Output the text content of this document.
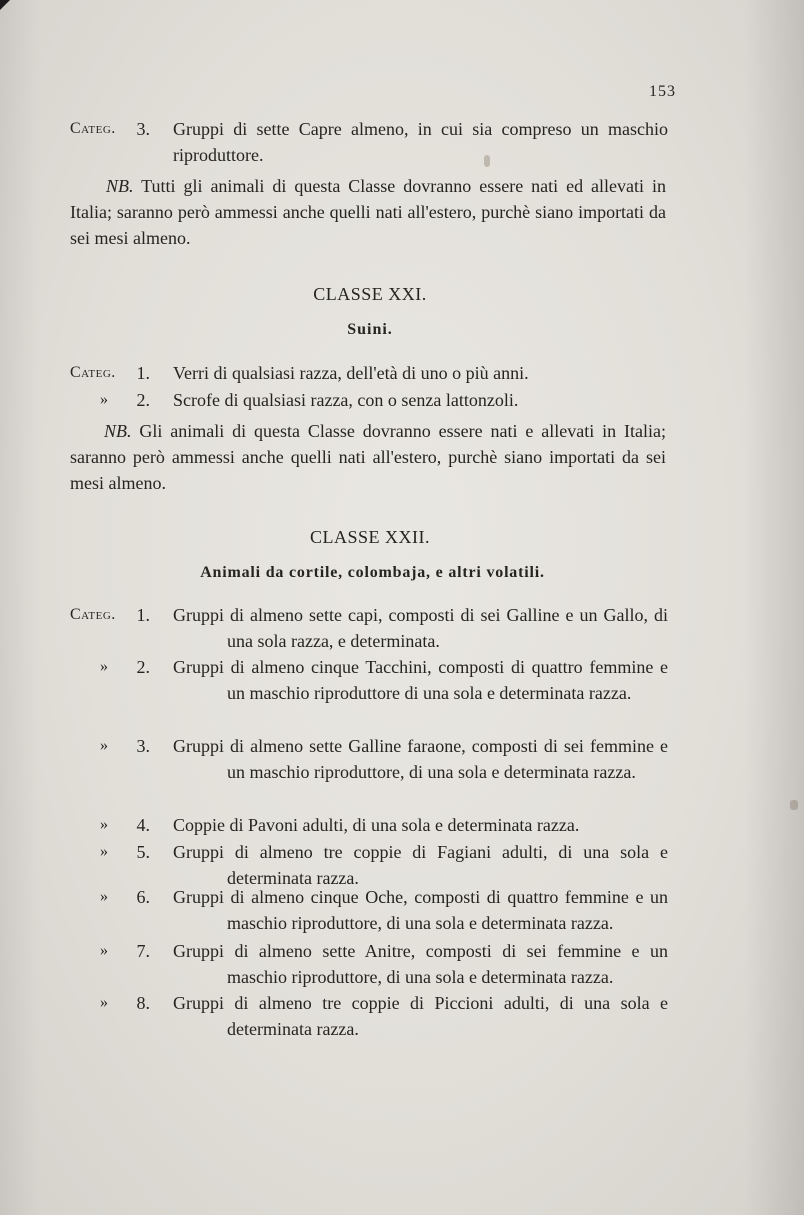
153
Categ.	3. Gruppi di sette Capre almeno, in cui sia compreso un maschio riproduttore.
NB. Tutti gli animali di questa Classe dovranno essere nati ed allevati in Italia; saranno però ammessi anche quelli nati all'estero, purchè siano importati da sei mesi almeno.
CLASSE XXI.
Suini.
Categ.	1. Verri di qualsiasi razza, dell'età di uno o più anni.
»	2. Scrofe di qualsiasi razza, con o senza lattonzoli.
NB. Gli animali di questa Classe dovranno essere nati e allevati in Italia; saranno però ammessi anche quelli nati all'estero, purchè siano importati da sei mesi almeno.
CLASSE XXII.
Animali da cortile, colombaja, e altri volatili.
Categ.	1. Gruppi di almeno sette capi, composti di sei Galline e un Gallo, di una sola razza, e determinata.
»	2. Gruppi di almeno cinque Tacchini, composti di quattro femmine e un maschio riproduttore di una sola e determinata razza.
»	3. Gruppi di almeno sette Galline faraone, composti di sei femmine e un maschio riproduttore, di una sola e determinata razza.
»	4. Coppie di Pavoni adulti, di una sola e determinata razza.
»	5. Gruppi di almeno tre coppie di Fagiani adulti, di una sola e determinata razza.
»	6. Gruppi di almeno cinque Oche, composti di quattro femmine e un maschio riproduttore, di una sola e determinata razza.
»	7. Gruppi di almeno sette Anitre, composti di sei femmine e un maschio riproduttore, di una sola e determinata razza.
»	8. Gruppi di almeno tre coppie di Piccioni adulti, di una sola e determinata razza.
